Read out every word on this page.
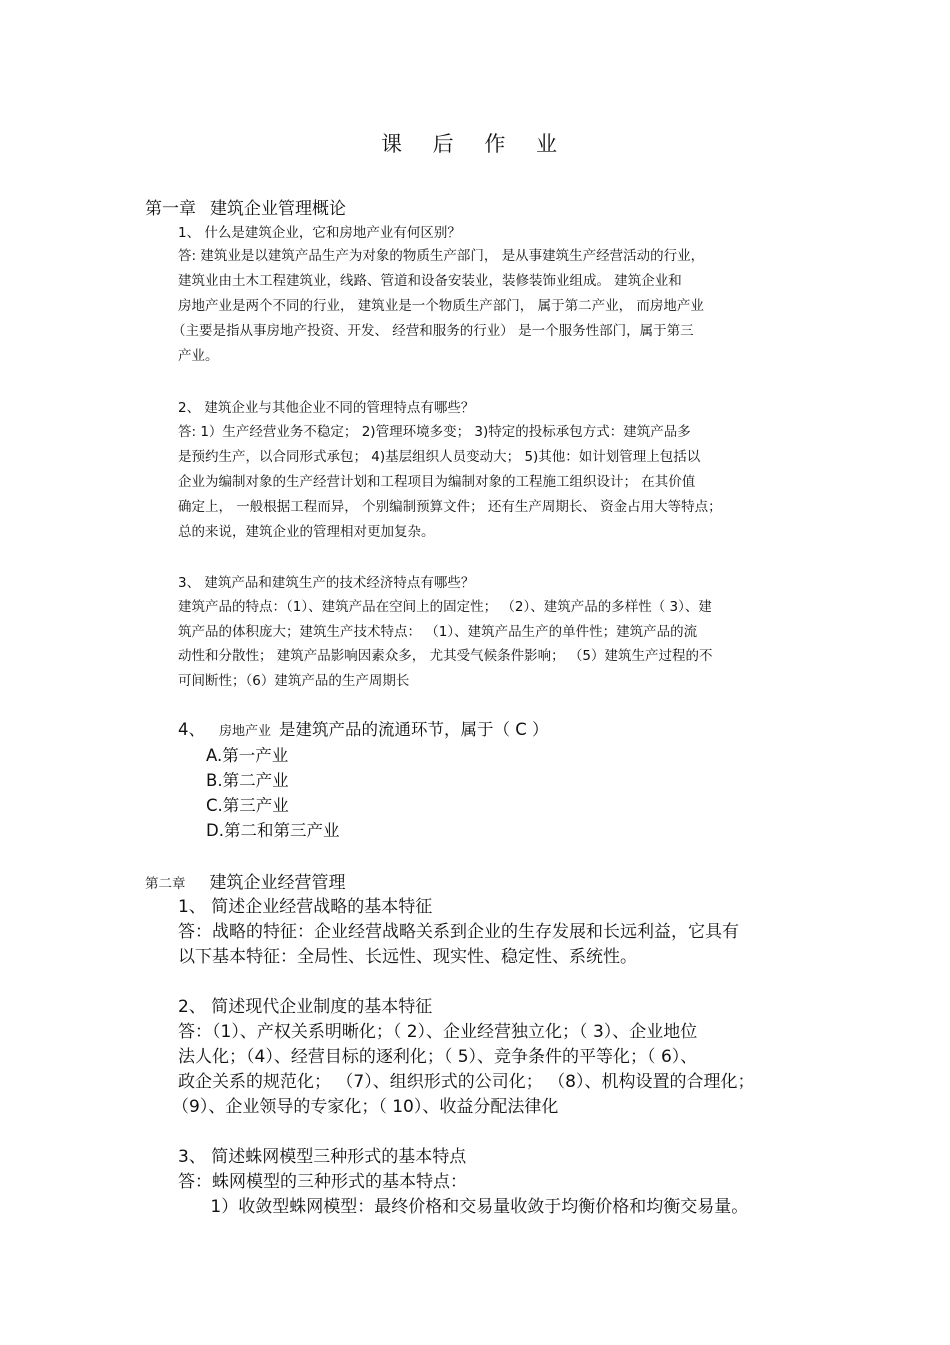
课 后 作 业
第一章 建筑企业管理概论
1、 什么是建筑企业，它和房地产业有何区别？
答: 建筑业是以建筑产品生产为对象的物质生产部门， 是从事建筑生产经营活动的行业，
建筑业由土木工程建筑业，线路、管道和设备安装业，装修装饰业组成。 建筑企业和
房地产业是两个不同的行业， 建筑业是一个物质生产部门， 属于第二产业， 而房地产业
（主要是指从事房地产投资、开发、 经营和服务的行业） 是一个服务性部门，属于第三
产业。
2、 建筑企业与其他企业不同的管理特点有哪些？
答: 1）生产经营业务不稳定； 2)管理环境多变； 3)特定的投标承包方式：建筑产品多
是预约生产，以合同形式承包； 4)基层组织人员变动大； 5)其他：如计划管理上包括以
企业为编制对象的生产经营计划和工程项目为编制对象的工程施工组织设计； 在其价值
确定上， 一般根据工程而异， 个别编制预算文件； 还有生产周期长、 资金占用大等特点；
总的来说，建筑企业的管理相对更加复杂。
3、 建筑产品和建筑生产的技术经济特点有哪些？
建筑产品的特点：（1）、建筑产品在空间上的固定性； （2）、建筑产品的多样性（ 3）、建
筑产品的体积庞大；建筑生产技术特点： （1）、建筑产品生产的单件性；建筑产品的流
动性和分散性； 建筑产品影响因素众多， 尤其受气候条件影响； （5）建筑生产过程的不
可间断性；（6）建筑产品的生产周期长
4、 房地产业 是建筑产品的流通环节，属于（ C ）
A.第一产业
B.第二产业
C.第三产业
D.第二和第三产业
第二章 建筑企业经营管理
1、 简述企业经营战略的基本特征
答：战略的特征：企业经营战略关系到企业的生存发展和长远利益，它具有
以下基本特征：全局性、长远性、现实性、稳定性、系统性。
2、 简述现代企业制度的基本特征
答：（1）、产权关系明晰化；（ 2）、企业经营独立化；（ 3）、企业地位
法人化；（4）、经营目标的逐利化；（ 5）、竞争条件的平等化；（ 6）、
政企关系的规范化； （7）、组织形式的公司化； （8）、机构设置的合理化；
（9）、企业领导的专家化；（ 10）、收益分配法律化
3、 简述蛛网模型三种形式的基本特点
答：蛛网模型的三种形式的基本特点：
1）收敛型蛛网模型：最终价格和交易量收敛于均衡价格和均衡交易量。
